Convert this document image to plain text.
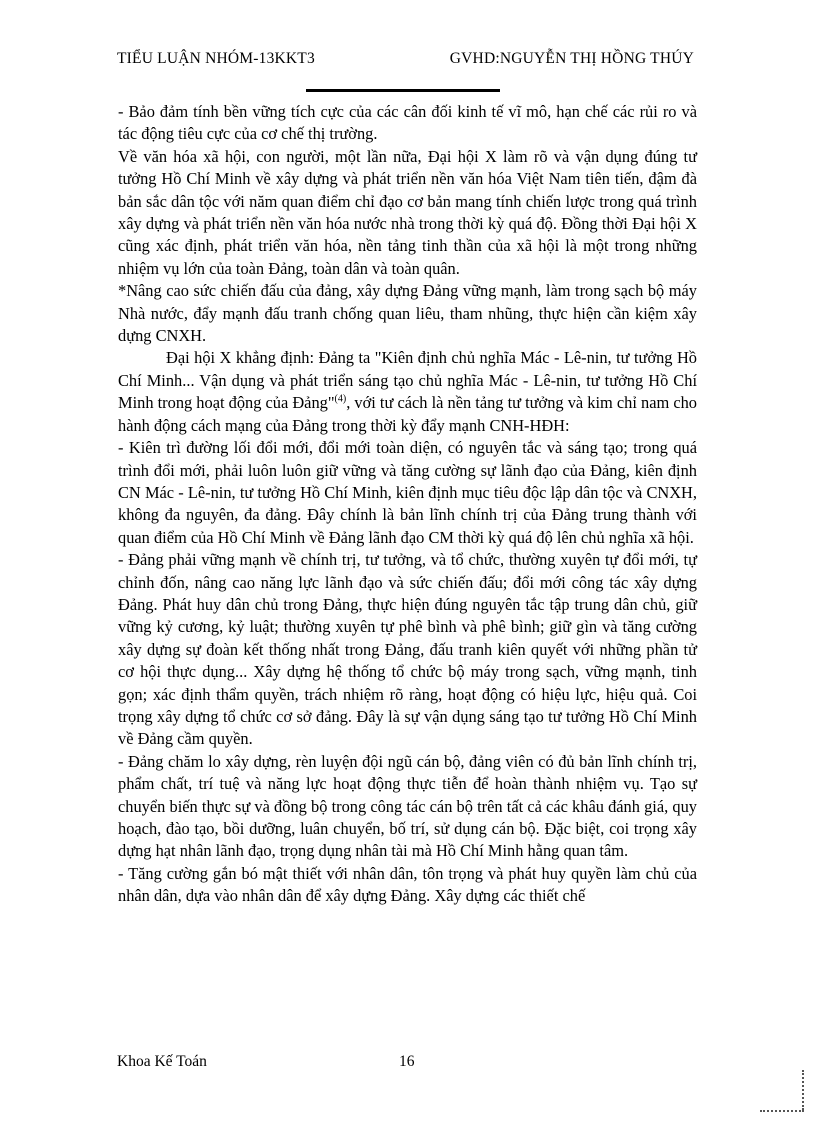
TIỂU LUẬN NHÓM-13KKT3	GVHD:NGUYỄN THỊ HỒNG THÚY

- Bảo đảm tính bền vững tích cực của các cân đối kinh tế vĩ mô, hạn chế các rủi ro và tác động tiêu cực của cơ chế thị trường.

Về văn hóa xã hội, con người, một lần nữa, Đại hội X làm rõ và vận dụng đúng tư tưởng Hồ Chí Minh về xây dựng và phát triển nền văn hóa Việt Nam tiên tiến, đậm đà bản sắc dân tộc với năm quan điểm chỉ đạo cơ bản mang tính chiến lược trong quá trình xây dựng và phát triển nền văn hóa nước nhà trong thời kỳ quá độ. Đồng thời Đại hội X cũng xác định, phát triển văn hóa, nền tảng tinh thần của xã hội là một trong những nhiệm vụ lớn của toàn Đảng, toàn dân và toàn quân.

*Nâng cao sức chiến đấu của đảng, xây dựng Đảng vững mạnh, làm trong sạch bộ máy Nhà nước, đẩy mạnh đấu tranh chống quan liêu, tham nhũng, thực hiện cần kiệm xây dựng CNXH.

Đại hội X khẳng định: Đảng ta "Kiên định chủ nghĩa Mác - Lê-nin, tư tưởng Hồ Chí Minh... Vận dụng và phát triển sáng tạo chủ nghĩa Mác - Lê-nin, tư tưởng Hồ Chí Minh trong hoạt động của Đảng"$^{(4)}$, với tư cách là nền tảng tư tưởng và kim chỉ nam cho hành động cách mạng của Đảng trong thời kỳ đẩy mạnh CNH-HĐH:

- Kiên trì đường lối đổi mới, đổi mới toàn diện, có nguyên tắc và sáng tạo; trong quá trình đổi mới, phải luôn luôn giữ vững và tăng cường sự lãnh đạo của Đảng, kiên định CN Mác - Lê-nin, tư tưởng Hồ Chí Minh, kiên định mục tiêu độc lập dân tộc và CNXH, không đa nguyên, đa đảng. Đây chính là bản lĩnh chính trị của Đảng trung thành với quan điểm của Hồ Chí Minh về Đảng lãnh đạo CM thời kỳ quá độ lên chủ nghĩa xã hội.

- Đảng phải vững mạnh về chính trị, tư tưởng, và tổ chức, thường xuyên tự đổi mới, tự chỉnh đốn, nâng cao năng lực lãnh đạo và sức chiến đấu; đổi mới công tác xây dựng Đảng. Phát huy dân chủ trong Đảng, thực hiện đúng nguyên tắc tập trung dân chủ, giữ vững kỷ cương, kỷ luật; thường xuyên tự phê bình và phê bình; giữ gìn và tăng cường xây dựng sự đoàn kết thống nhất trong Đảng, đấu tranh kiên quyết với những phần tử cơ hội thực dụng... Xây dựng hệ thống tổ chức bộ máy trong sạch, vững mạnh, tinh gọn; xác định thẩm quyền, trách nhiệm rõ ràng, hoạt động có hiệu lực, hiệu quả. Coi trọng xây dựng tổ chức cơ sở đảng. Đây là sự vận dụng sáng tạo tư tưởng Hồ Chí Minh về Đảng cầm quyền.

- Đảng chăm lo xây dựng, rèn luyện đội ngũ cán bộ, đảng viên có đủ bản lĩnh chính trị, phẩm chất, trí tuệ và năng lực hoạt động thực tiễn để hoàn thành nhiệm vụ. Tạo sự chuyển biến thực sự và đồng bộ trong công tác cán bộ trên tất cả các khâu đánh giá, quy hoạch, đào tạo, bồi dưỡng, luân chuyển, bố trí, sử dụng cán bộ. Đặc biệt, coi trọng xây dựng hạt nhân lãnh đạo, trọng dụng nhân tài mà Hồ Chí Minh hằng quan tâm.

- Tăng cường gắn bó mật thiết với nhân dân, tôn trọng và phát huy quyền làm chủ của nhân dân, dựa vào nhân dân để xây dựng Đảng. Xây dựng các thiết chế

Khoa Kế Toán	16
